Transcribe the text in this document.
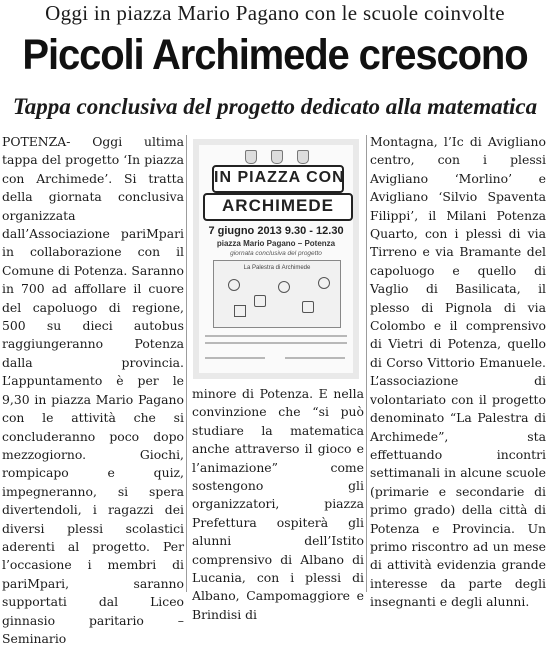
Oggi in piazza Mario Pagano con le scuole coinvolte
Piccoli Archimede crescono
Tappa conclusiva del progetto dedicato alla matematica

POTENZA- Oggi ultima tappa del progetto ‘In piazza con Archimede’. Si tratta della giornata conclusiva organizzata dall’Associazione pariMpari in collaborazione con il Comune di Potenza. Saranno in 700 ad affollare il cuore del capoluogo di regione, 500 su dieci autobus raggiungeranno Potenza dalla provincia. L’appuntamento è per le 9,30 in piazza Mario Pagano con le attività che si concluderanno poco dopo mezzogiorno. Giochi, rompicapo e quiz, impegneranno, si spera divertendoli, i ragazzi dei diversi plessi scolastici aderenti al progetto. Per l’occasione i membri di pariMpari, saranno supportati dal Liceo ginnasio paritario – Seminario

IN PIAZZA CON
ARCHIMEDE
7 giugno 2013 9.30 - 12.30
piazza Mario Pagano – Potenza
giornata conclusiva del progetto
La Palestra di Archimede

minore di Potenza. E nella convinzione che “si può studiare la matematica anche attraverso il gioco e l’animazione” come sostengono gli organizzatori, piazza Prefettura ospiterà gli alunni dell’Istito comprensivo di Albano di Lucania, con i plessi di Albano, Campomaggiore e Brindisi di

Montagna, l’Ic di Avigliano centro, con i plessi Avigliano ‘Morlino’ e Avigliano ‘Silvio Spaventa Filippi’, il Milani Potenza Quarto, con i plessi di via Tirreno e via Bramante del capoluogo e quello di Vaglio di Basilicata, il plesso di Pignola di via Colombo e il comprensivo di Vietri di Potenza, quello di Corso Vittorio Emanuele. L’associazione di volontariato con il progetto denominato “La Palestra di Archimede”, sta effettuando incontri settimanali in alcune scuole (primarie e secondarie di primo grado) della città di Potenza e Provincia. Un primo riscontro ad un mese di attività evidenzia grande interesse da parte degli insegnanti e degli alunni.
